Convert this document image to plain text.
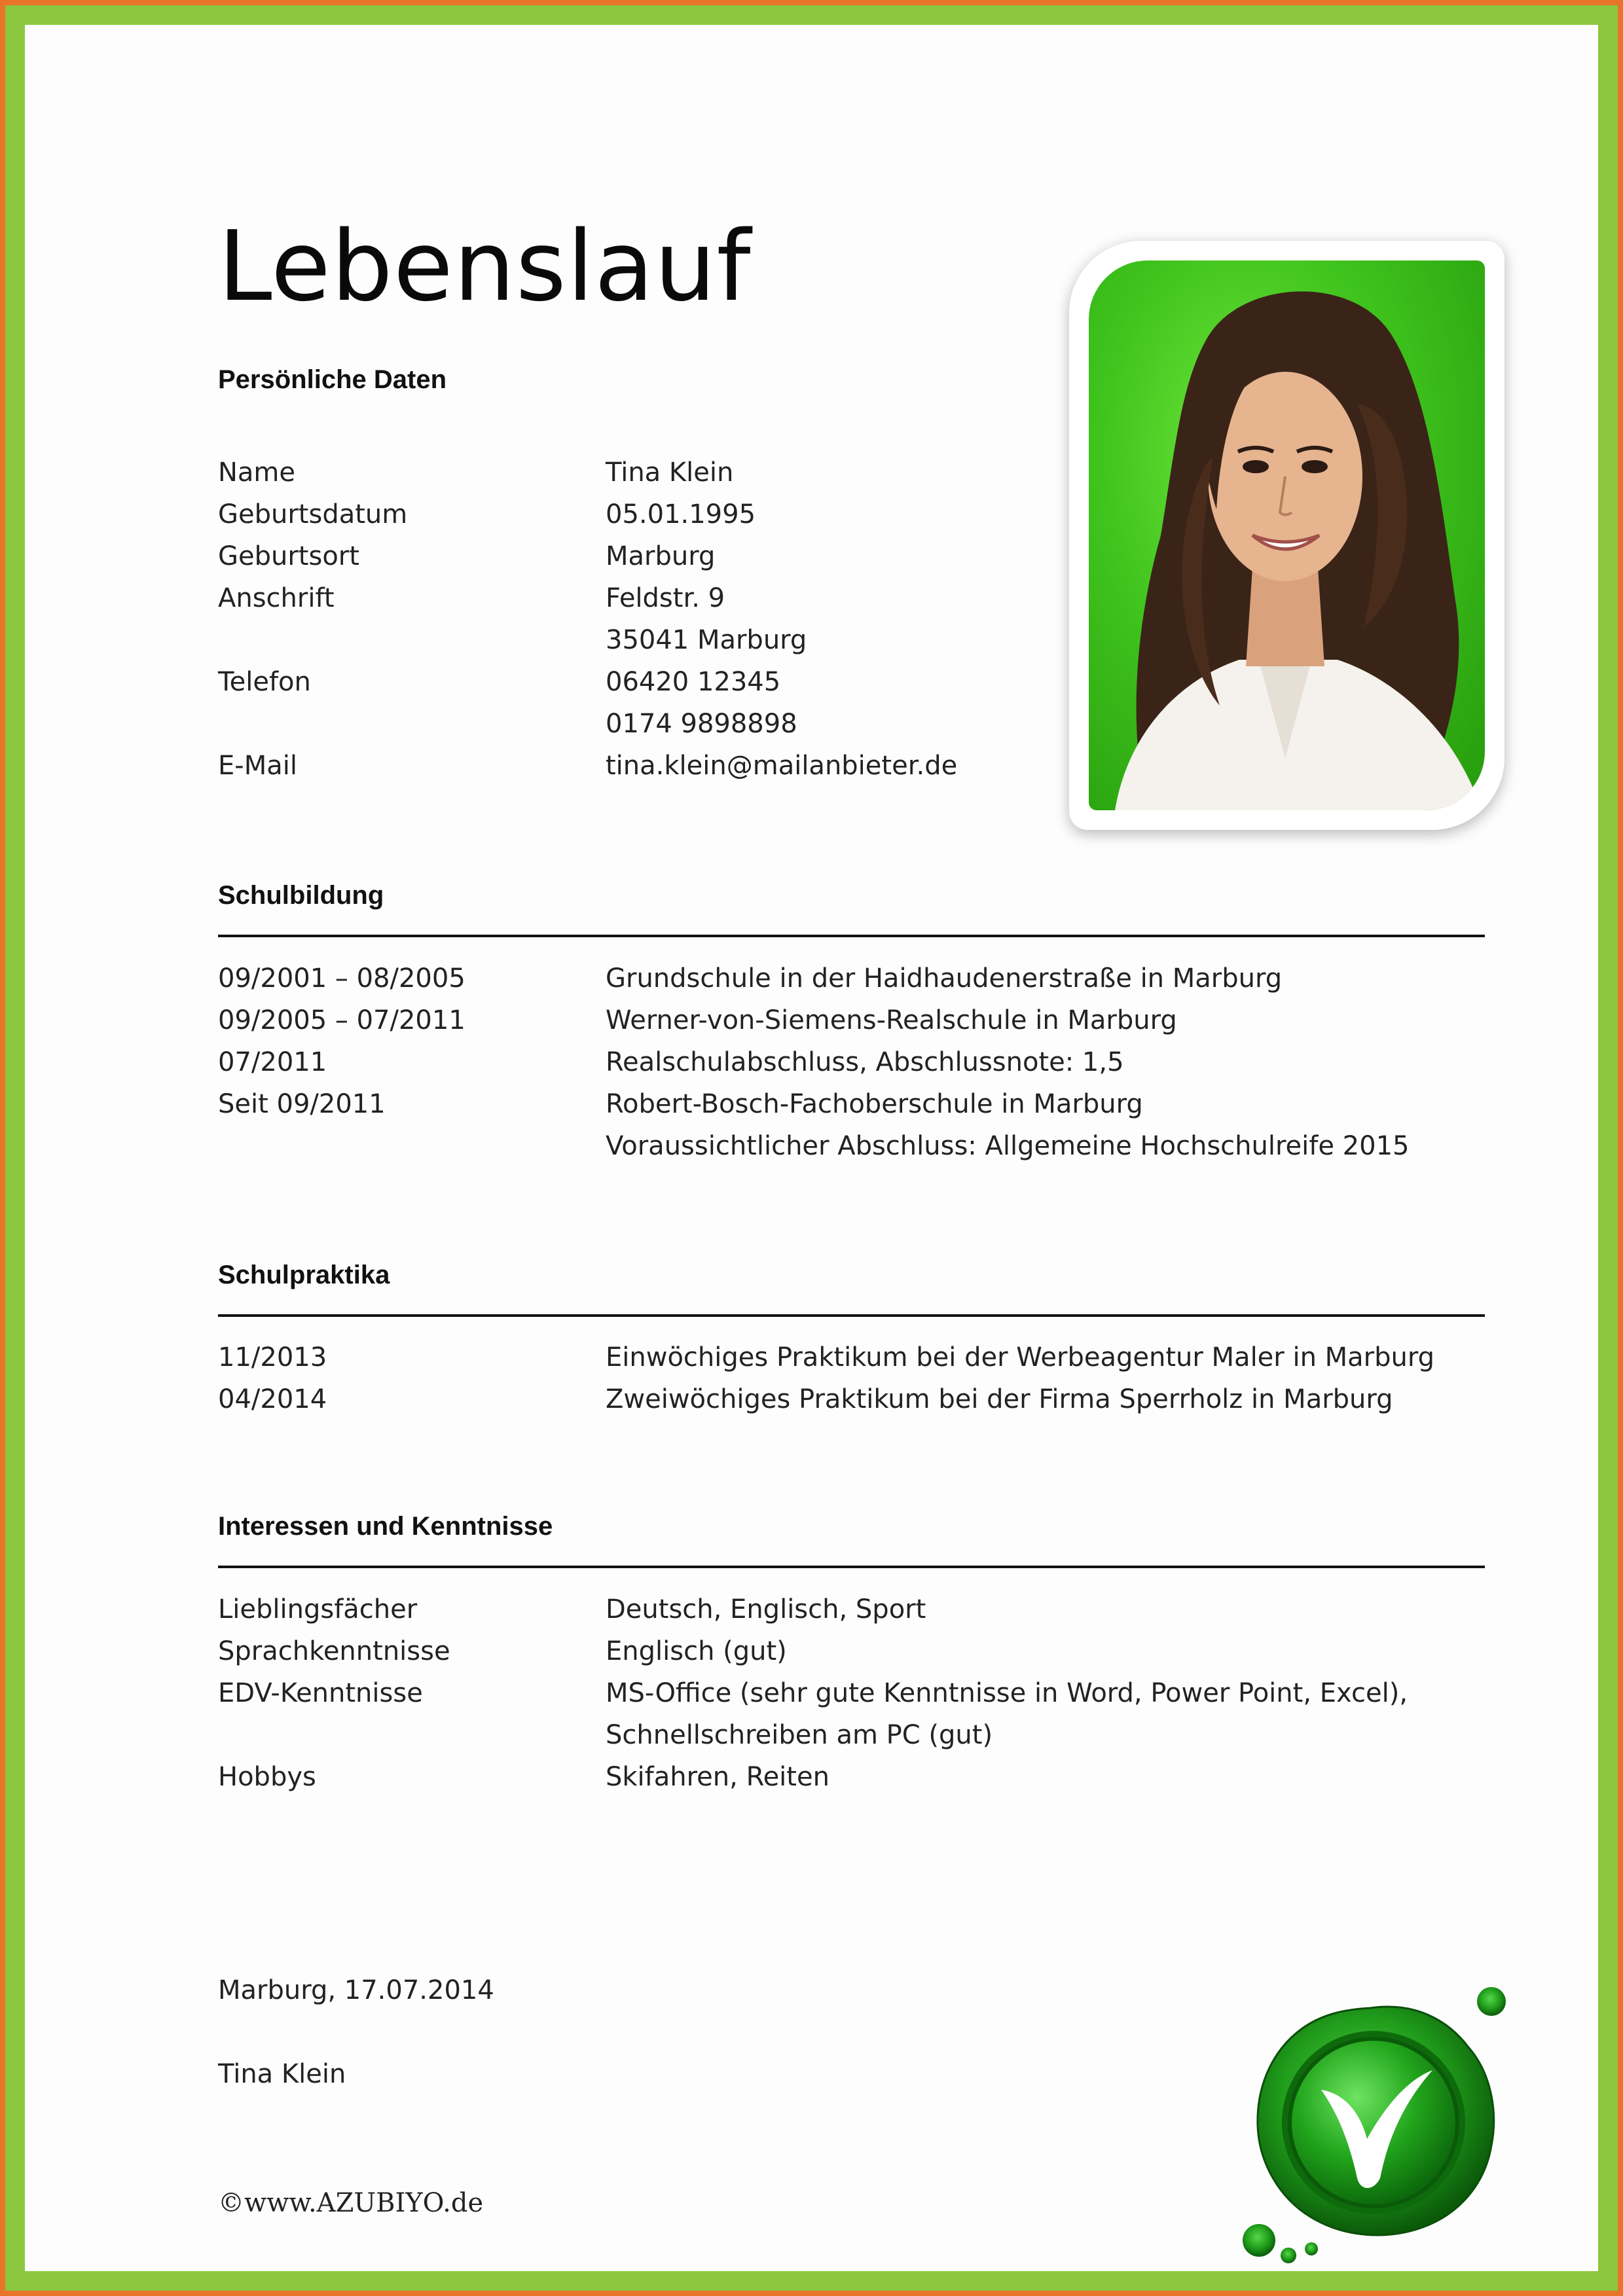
Lebenslauf
Persönliche Daten
Name	Tina Klein
Geburtsdatum	05.01.1995
Geburtsort	Marburg
Anschrift	Feldstr. 9
35041 Marburg
Telefon	06420 12345
0174 9898898
E-Mail	tina.klein@mailanbieter.de
Schulbildung
09/2001 – 08/2005	Grundschule in der Haidhaudenerstraße in Marburg
09/2005 – 07/2011	Werner-von-Siemens-Realschule in Marburg
07/2011	Realschulabschluss, Abschlussnote: 1,5
Seit 09/2011	Robert-Bosch-Fachoberschule in Marburg
Voraussichtlicher Abschluss: Allgemeine Hochschulreife 2015
Schulpraktika
11/2013	Einwöchiges Praktikum bei der Werbeagentur Maler in Marburg
04/2014	Zweiwöchiges Praktikum bei der Firma Sperrholz in Marburg
Interessen und Kenntnisse
Lieblingsfächer	Deutsch, Englisch, Sport
Sprachkenntnisse	Englisch (gut)
EDV-Kenntnisse	MS-Office (sehr gute Kenntnisse in Word, Power Point, Excel),
Schnellschreiben am PC (gut)
Hobbys	Skifahren, Reiten
Marburg, 17.07.2014
Tina Klein
©www.AZUBIYO.de
